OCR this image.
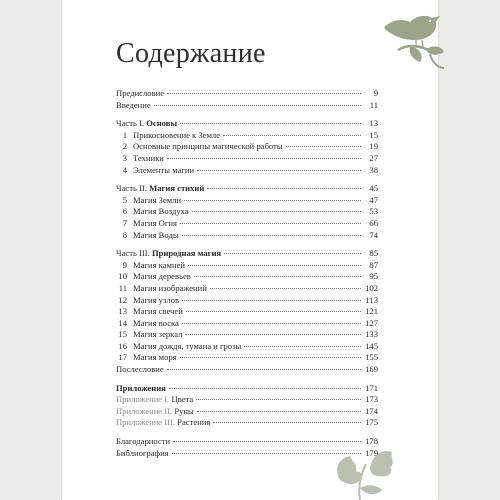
Содержание
Предисловие	9
Введение	11
Часть I. Основы	13
1 Прикосновение к Земле	15
2 Основные принципы магической работы	19
3 Техники	27
4 Элементы магии	38
Часть II. Магия стихий	45
5 Магия Земли	47
6 Магия Воздуха	53
7 Магия Огня	66
8 Магия Воды	74
Часть III. Природная магия	85
9 Магия камней	87
10 Магия деревьев	95
11 Магия изображений	102
12 Магия узлов	113
13 Магия свечей	121
14 Магия воска	127
15 Магия зеркал	133
16 Магия дождя, тумана и грозы	145
17 Магия моря	155
Послесловие	169
Приложения	171
Приложение I. Цвета	173
Приложение II. Руны	174
Приложение III. Растения	175
Благодарности	178
Библиография	179
